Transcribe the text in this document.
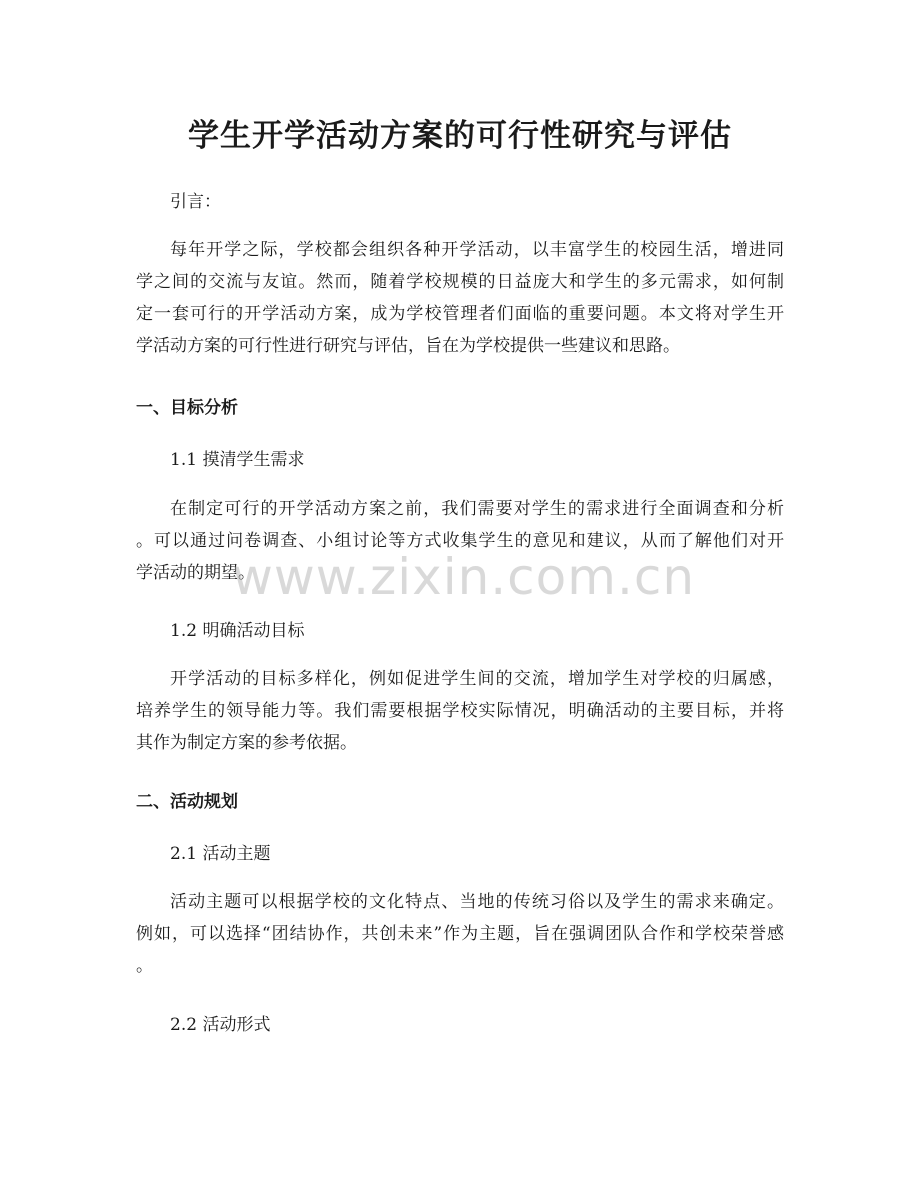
学生开学活动方案的可行性研究与评估

引言：

每年开学之际，学校都会组织各种开学活动，以丰富学生的校园生活，增进同

学之间的交流与友谊。然而，随着学校规模的日益庞大和学生的多元需求，如何制

定一套可行的开学活动方案，成为学校管理者们面临的重要问题。本文将对学生开

学活动方案的可行性进行研究与评估，旨在为学校提供一些建议和思路。

一、目标分析

1.1 摸清学生需求

在制定可行的开学活动方案之前，我们需要对学生的需求进行全面调查和分析

。可以通过问卷调查、小组讨论等方式收集学生的意见和建议，从而了解他们对开

学活动的期望。

1.2 明确活动目标

开学活动的目标多样化，例如促进学生间的交流，增加学生对学校的归属感，

培养学生的领导能力等。我们需要根据学校实际情况，明确活动的主要目标，并将

其作为制定方案的参考依据。

二、活动规划

2.1 活动主题

活动主题可以根据学校的文化特点、当地的传统习俗以及学生的需求来确定。

例如，可以选择“团结协作，共创未来”作为主题，旨在强调团队合作和学校荣誉感

。

2.2 活动形式

www.zixin.com.cn
